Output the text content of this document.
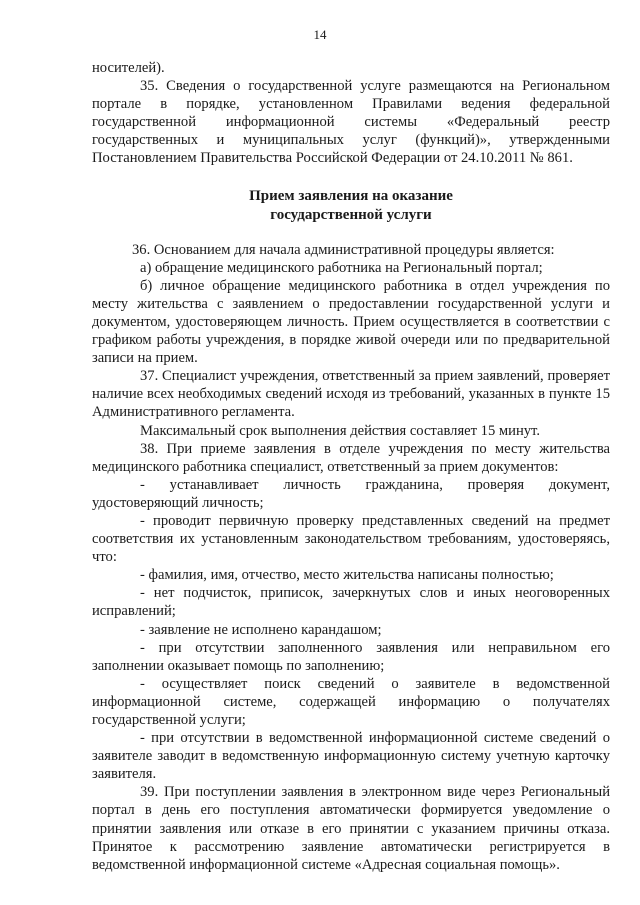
14

носителей).

35. Сведения о государственной услуге размещаются на Региональном портале в порядке, установленном Правилами ведения федеральной государственной информационной системы «Федеральный реестр государственных и муниципальных услуг (функций)», утвержденными Постановлением Правительства Российской Федерации от 24.10.2011 № 861.

Прием заявления на оказание
государственной услуги

36. Основанием для начала административной процедуры является:

а) обращение медицинского работника на Региональный портал;

б) личное обращение медицинского работника в отдел учреждения по месту жительства с заявлением о предоставлении государственной услуги и документом, удостоверяющем личность. Прием осуществляется в соответствии с графиком работы учреждения, в порядке живой очереди или по предварительной записи на прием.

37. Специалист учреждения, ответственный за прием заявлений, проверяет наличие всех необходимых сведений исходя из требований, указанных в пункте 15 Административного регламента.

Максимальный срок выполнения действия составляет 15 минут.

38. При приеме заявления в отделе учреждения по месту жительства медицинского работника специалист, ответственный за прием документов:

- устанавливает личность гражданина, проверяя документ, удостоверяющий личность;

- проводит первичную проверку представленных сведений на предмет соответствия их установленным законодательством требованиям, удостоверяясь, что:

- фамилия, имя, отчество, место жительства написаны полностью;

- нет подчисток, приписок, зачеркнутых слов и иных неоговоренных исправлений;

- заявление не исполнено карандашом;

- при отсутствии заполненного заявления или неправильном его заполнении оказывает помощь по заполнению;

- осуществляет поиск сведений о заявителе в ведомственной информационной системе, содержащей информацию о получателях государственной услуги;

- при отсутствии в ведомственной информационной системе сведений о заявителе заводит в ведомственную информационную систему учетную карточку заявителя.

39. При поступлении заявления в электронном виде через Региональный портал в день его поступления автоматически формируется уведомление о принятии заявления или отказе в его принятии с указанием причины отказа. Принятое к рассмотрению заявление автоматически регистрируется в ведомственной информационной системе «Адресная социальная помощь».
